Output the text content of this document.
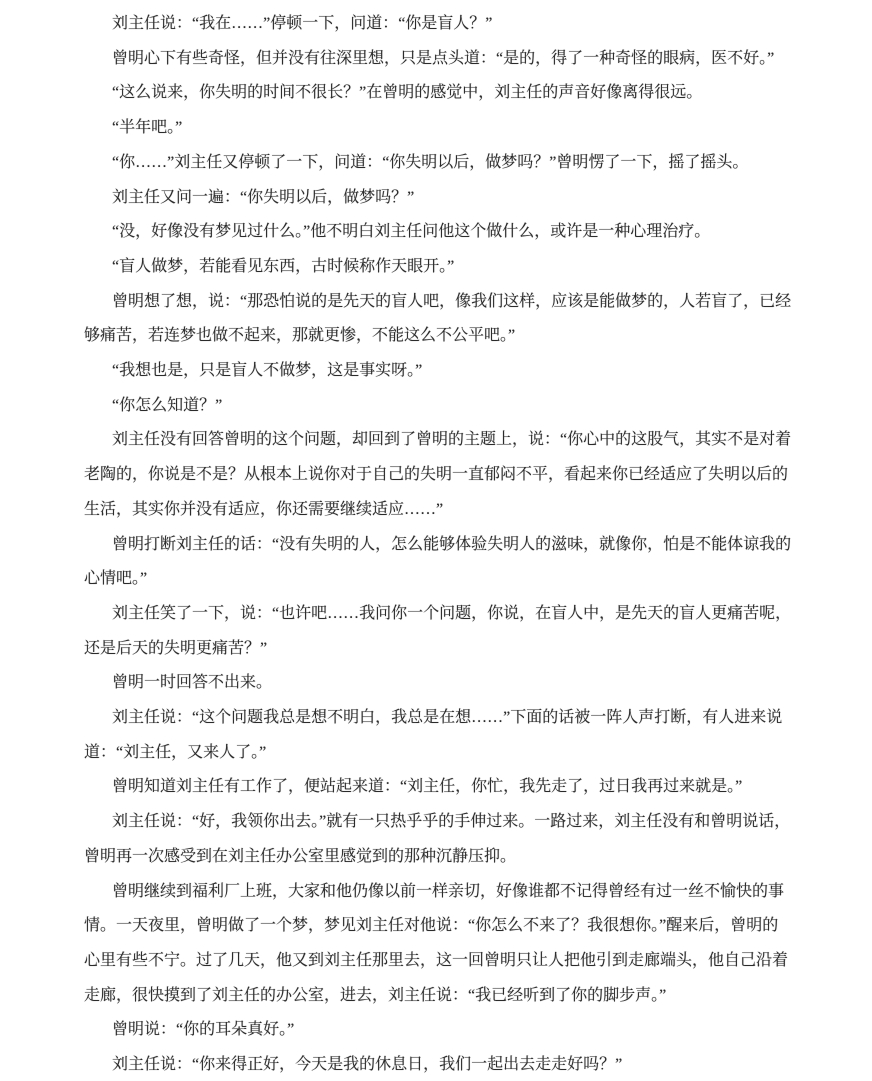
刘主任说：“我在……”停顿一下，问道：“你是盲人？”

曾明心下有些奇怪，但并没有往深里想，只是点头道：“是的，得了一种奇怪的眼病，医不好。”

“这么说来，你失明的时间不很长？”在曾明的感觉中，刘主任的声音好像离得很远。

“半年吧。”

“你……”刘主任又停顿了一下，问道：“你失明以后，做梦吗？”曾明愣了一下，摇了摇头。

刘主任又问一遍：“你失明以后，做梦吗？”

“没，好像没有梦见过什么。”他不明白刘主任问他这个做什么，或许是一种心理治疗。

“盲人做梦，若能看见东西，古时候称作天眼开。”

曾明想了想，说：“那恐怕说的是先天的盲人吧，像我们这样，应该是能做梦的，人若盲了，已经够痛苦，若连梦也做不起来，那就更惨，不能这么不公平吧。”

“我想也是，只是盲人不做梦，这是事实呀。”

“你怎么知道？”

刘主任没有回答曾明的这个问题，却回到了曾明的主题上，说：“你心中的这股气，其实不是对着老陶的，你说是不是？从根本上说你对于自己的失明一直郁闷不平，看起来你已经适应了失明以后的生活，其实你并没有适应，你还需要继续适应……”

曾明打断刘主任的话：“没有失明的人，怎么能够体验失明人的滋味，就像你，怕是不能体谅我的心情吧。”

刘主任笑了一下，说：“也许吧……我问你一个问题，你说，在盲人中，是先天的盲人更痛苦呢，还是后天的失明更痛苦？”

曾明一时回答不出来。

刘主任说：“这个问题我总是想不明白，我总是在想……”下面的话被一阵人声打断，有人进来说道：“刘主任，又来人了。”

曾明知道刘主任有工作了，便站起来道：“刘主任，你忙，我先走了，过日我再过来就是。”

刘主任说：“好，我领你出去。”就有一只热乎乎的手伸过来。一路过来，刘主任没有和曾明说话，曾明再一次感受到在刘主任办公室里感觉到的那种沉静压抑。

曾明继续到福利厂上班，大家和他仍像以前一样亲切，好像谁都不记得曾经有过一丝不愉快的事情。一天夜里，曾明做了一个梦，梦见刘主任对他说：“你怎么不来了？我很想你。”醒来后，曾明的心里有些不宁。过了几天，他又到刘主任那里去，这一回曾明只让人把他引到走廊端头，他自己沿着走廊，很快摸到了刘主任的办公室，进去，刘主任说：“我已经听到了你的脚步声。”

曾明说：“你的耳朵真好。”

刘主任说：“你来得正好，今天是我的休息日，我们一起出去走走好吗？”
